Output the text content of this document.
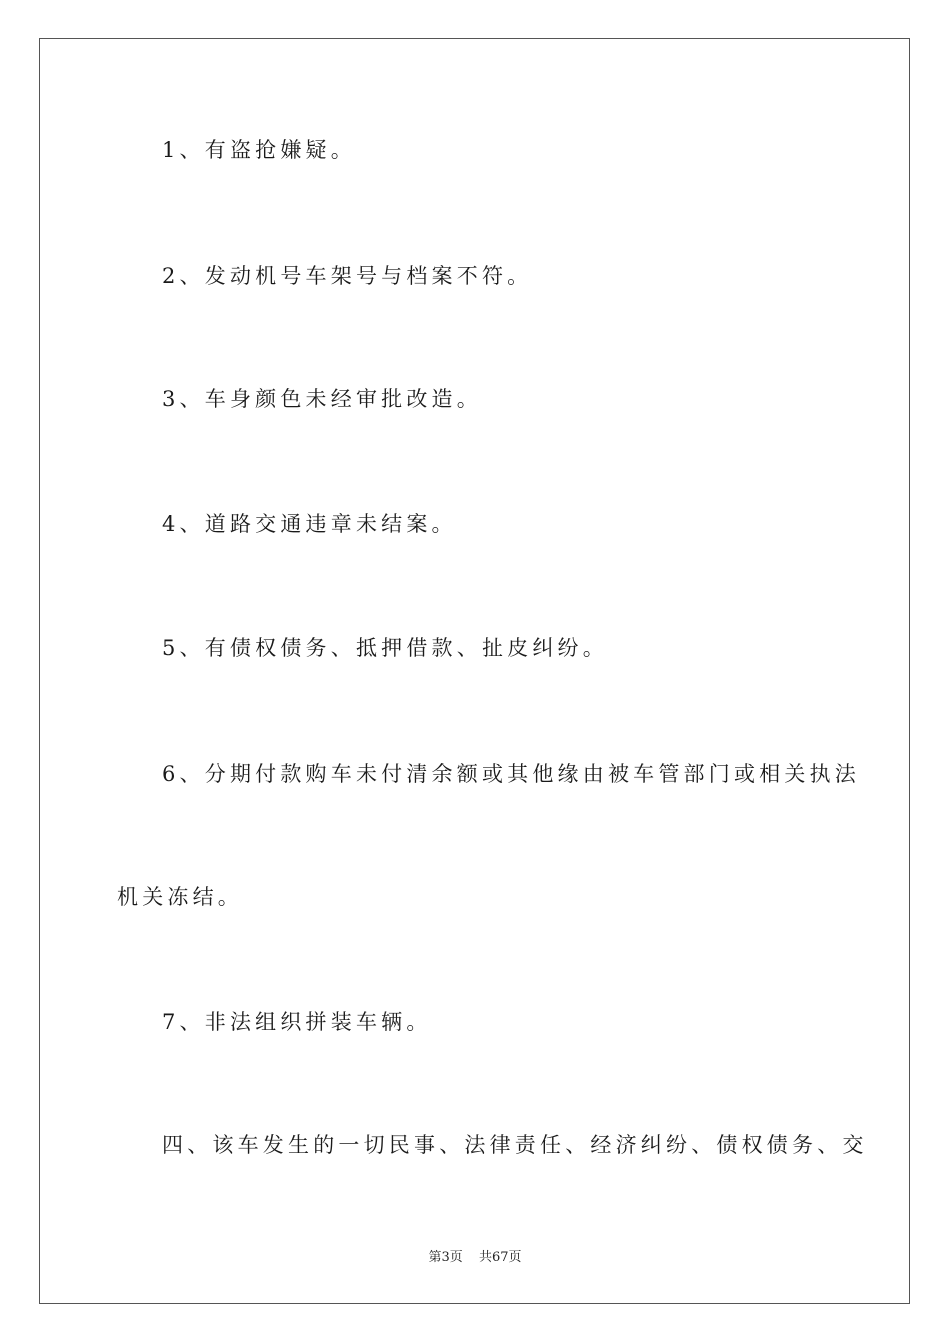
1、有盗抢嫌疑。
2、发动机号车架号与档案不符。
3、车身颜色未经审批改造。
4、道路交通违章未结案。
5、有债权债务、抵押借款、扯皮纠纷。
6、分期付款购车未付清余额或其他缘由被车管部门或相关执法
机关冻结。
7、非法组织拼装车辆。
四、该车发生的一切民事、法律责任、经济纠纷、债权债务、交
第3页 共67页
